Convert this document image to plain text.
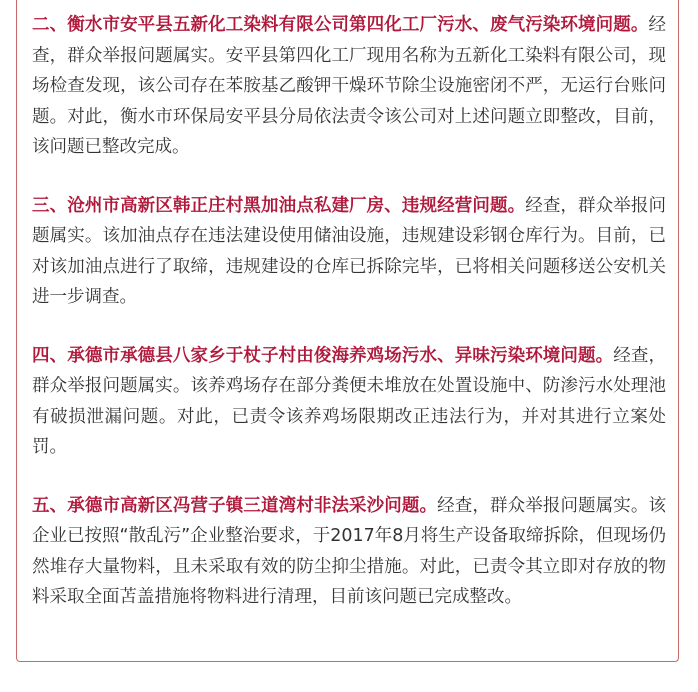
二、衡水市安平县五新化工染料有限公司第四化工厂污水、废气污染环境问题。经查，群众举报问题属实。安平县第四化工厂现用名称为五新化工染料有限公司，现场检查发现，该公司存在苯胺基乙酸钾干燥环节除尘设施密闭不严，无运行台账问题。对此，衡水市环保局安平县分局依法责令该公司对上述问题立即整改，目前，该问题已整改完成。

三、沧州市高新区韩正庄村黑加油点私建厂房、违规经营问题。经查，群众举报问题属实。该加油点存在违法建设使用储油设施，违规建设彩钢仓库行为。目前，已对该加油点进行了取缔，违规建设的仓库已拆除完毕，已将相关问题移送公安机关进一步调查。

四、承德市承德县八家乡于杖子村由俊海养鸡场污水、异味污染环境问题。经查，群众举报问题属实。该养鸡场存在部分粪便未堆放在处置设施中、防渗污水处理池有破损泄漏问题。对此，已责令该养鸡场限期改正违法行为，并对其进行立案处罚。

五、承德市高新区冯营子镇三道湾村非法采沙问题。经查，群众举报问题属实。该企业已按照“散乱污”企业整治要求，于2017年8月将生产设备取缔拆除，但现场仍然堆存大量物料，且未采取有效的防尘抑尘措施。对此，已责令其立即对存放的物料采取全面苫盖措施将物料进行清理，目前该问题已完成整改。
